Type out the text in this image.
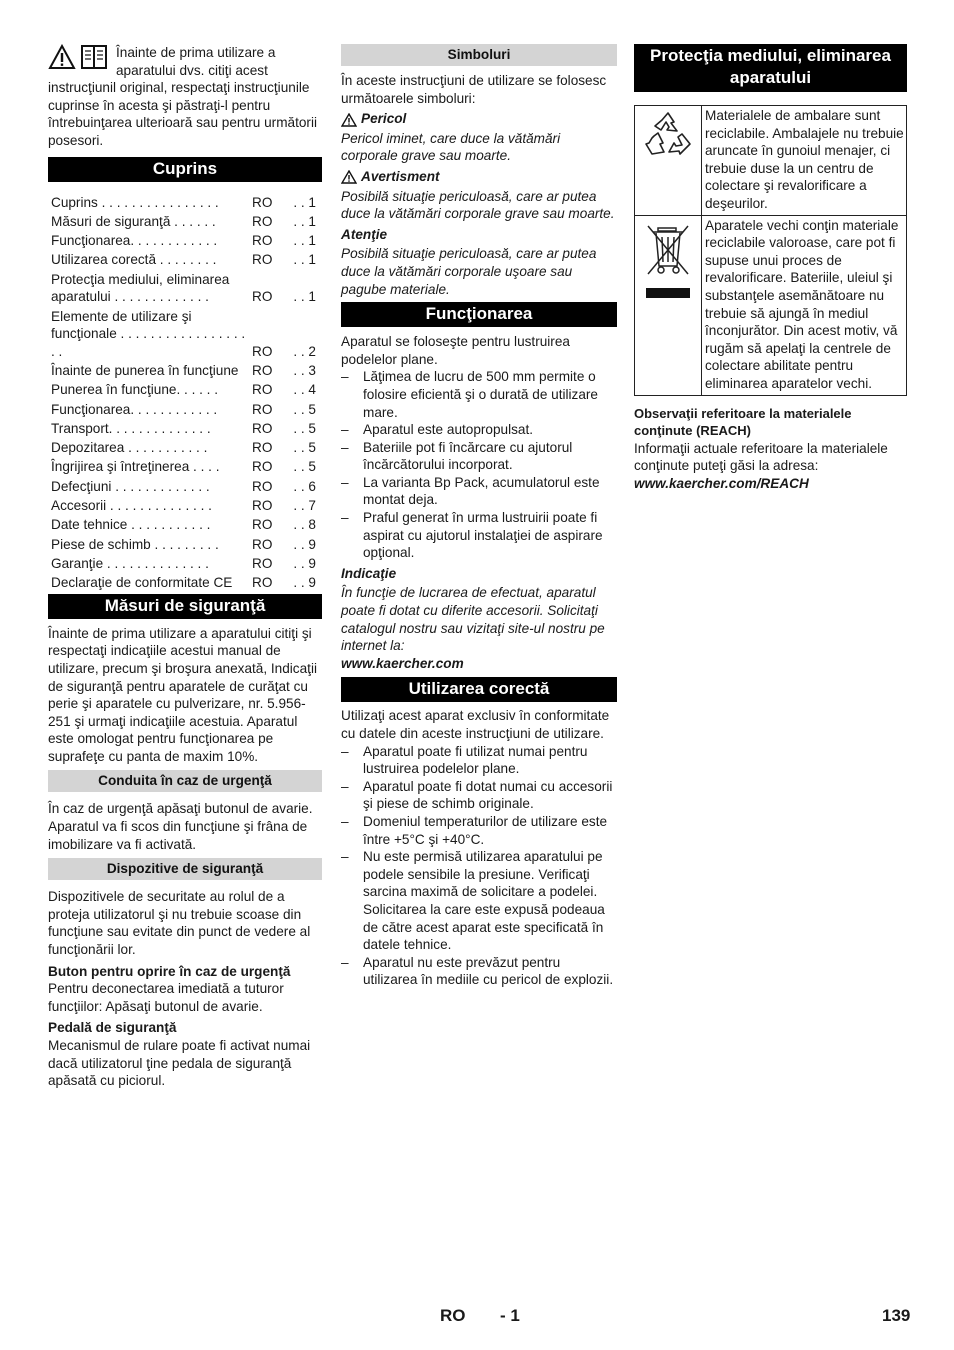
Înainte de prima utilizare a aparatului dvs. citiţi acest instrucţiunil original, respectaţi instrucţiunile cuprinse în acesta şi păstraţi-l pentru întrebuinţarea ulterioară sau pentru următorii posesori.

Cuprins
Cuprins . . . . . . . . . . . . . . . .	RO	. . 1
Măsuri de siguranţă . . . . . .	RO	. . 1
Funcţionarea. . . . . . . . . . . .	RO	. . 1
Utilizarea corectă . . . . . . . .	RO	. . 1
Protecţia mediului, eliminarea aparatului . . . . . . . . . . . . .	RO	. . 1
Elemente de utilizare şi funcţionale . . . . . . . . . . . . . . . . . . .	RO	. . 2
Înainte de punerea în funcţiune RO	. . 3
Punerea în funcţiune. . . . . .	RO	. . 4
Funcţionarea. . . . . . . . . . . .	RO	. . 5
Transport. . . . . . . . . . . . . .	RO	. . 5
Depozitarea . . . . . . . . . . .	RO	. . 5
Îngrijirea şi întreţinerea . . . .	RO	. . 5
Defecţiuni . . . . . . . . . . . . .	RO	. . 6
Accesorii . . . . . . . . . . . . . .	RO	. . 7
Date tehnice . . . . . . . . . . .	RO	. . 8
Piese de schimb . . . . . . . . .	RO	. . 9
Garanţie . . . . . . . . . . . . . .	RO	. . 9
Declaraţie de conformitate CE	RO	. . 9
Măsuri de siguranţă

Înainte de prima utilizare a aparatului citiţi şi respectaţi indicaţiile acestui manual de utilizare, precum şi broşura anexată, Indicaţii de siguranţă pentru aparatele de curăţat cu perie şi aparatele cu pulverizare, nr. 5.956-251 şi urmaţi indicaţiile acestuia. Aparatul este omologat pentru funcţionarea pe suprafeţe cu panta de maxim 10%.

Conduita în caz de urgenţă

În caz de urgenţă apăsaţi butonul de avarie. Aparatul va fi scos din funcţiune şi frâna de imobilizare va fi activată.

Dispozitive de siguranţă

Dispozitivele de securitate au rolul de a proteja utilizatorul şi nu trebuie scoase din funcţiune sau evitate din punct de vedere al funcţionării lor.

Buton pentru oprire în caz de urgenţă

Pentru deconectarea imediată a tuturor funcţiilor: Apăsaţi butonul de avarie.

Pedală de siguranţă

Mecanismul de rulare poate fi activat numai dacă utilizatorul ţine pedala de siguranţă apăsată cu piciorul.

Simboluri

În aceste instrucţiuni de utilizare se folosesc următoarele simboluri:

Pericol

Pericol iminet, care duce la vătămări corporale grave sau moarte.

Avertisment

Posibilă situaţie periculoasă, care ar putea duce la vătămări corporale grave sau moarte.

Atenţie

Posibilă situaţie periculoasă, care ar putea duce la vătămări corporale uşoare sau pagube materiale.

Funcţionarea

Aparatul se foloseşte pentru lustruirea podelelor plane.

– Lăţimea de lucru de 500 mm permite o folosire eficientă şi o durată de utilizare mare.
– Aparatul este autopropulsat.
– Bateriile pot fi încărcare cu ajutorul încărcătorului incorporat.
– La varianta Bp Pack, acumulatorul este montat deja.
– Praful generat în urma lustruirii poate fi aspirat cu ajutorul instalaţiei de aspirare opţional.

Indicaţie

În funcţie de lucrarea de efectuat, aparatul poate fi dotat cu diferite accesorii. Solicitaţi catalogul nostru sau vizitaţi site-ul nostru pe internet la:

www.kaercher.com

Utilizarea corectă

Utilizaţi acest aparat exclusiv în conformitate cu datele din aceste instrucţiuni de utilizare.

– Aparatul poate fi utilizat numai pentru lustruirea podelelor plane.
– Aparatul poate fi dotat numai cu accesorii şi piese de schimb originale.
– Domeniul temperaturilor de utilizare este între +5°C şi +40°C.
– Nu este permisă utilizarea aparatului pe podele sensibile la presiune. Verificaţi sarcina maximă de solicitare a podelei. Solicitarea la care este expusă podeaua de către acest aparat este specificată în datele tehnice.
– Aparatul nu este prevăzut pentru utilizarea în mediile cu pericol de explozii.
Protecţia mediului, eliminarea aparatului
	Materialele de ambalare sunt reciclabile. Ambalajele nu trebuie aruncate în gunoiul menajer, ci trebuie duse la un centru de colectare şi revalorificare a deşeurilor.
	Aparatele vechi conţin materiale reciclabile valoroase, care pot fi supuse unui proces de revalorificare. Bateriile, uleiul şi substanţele asemănătoare nu trebuie să ajungă în mediul înconjurător. Din acest motiv, vă rugăm să apelaţi la centrele de colectare abilitate pentru eliminarea aparatelor vechi.

Observaţii referitoare la materialele conţinute (REACH)

Informaţii actuale referitoare la materialele conţinute puteţi găsi la adresa:

www.kaercher.com/REACH

RO - 1	139
